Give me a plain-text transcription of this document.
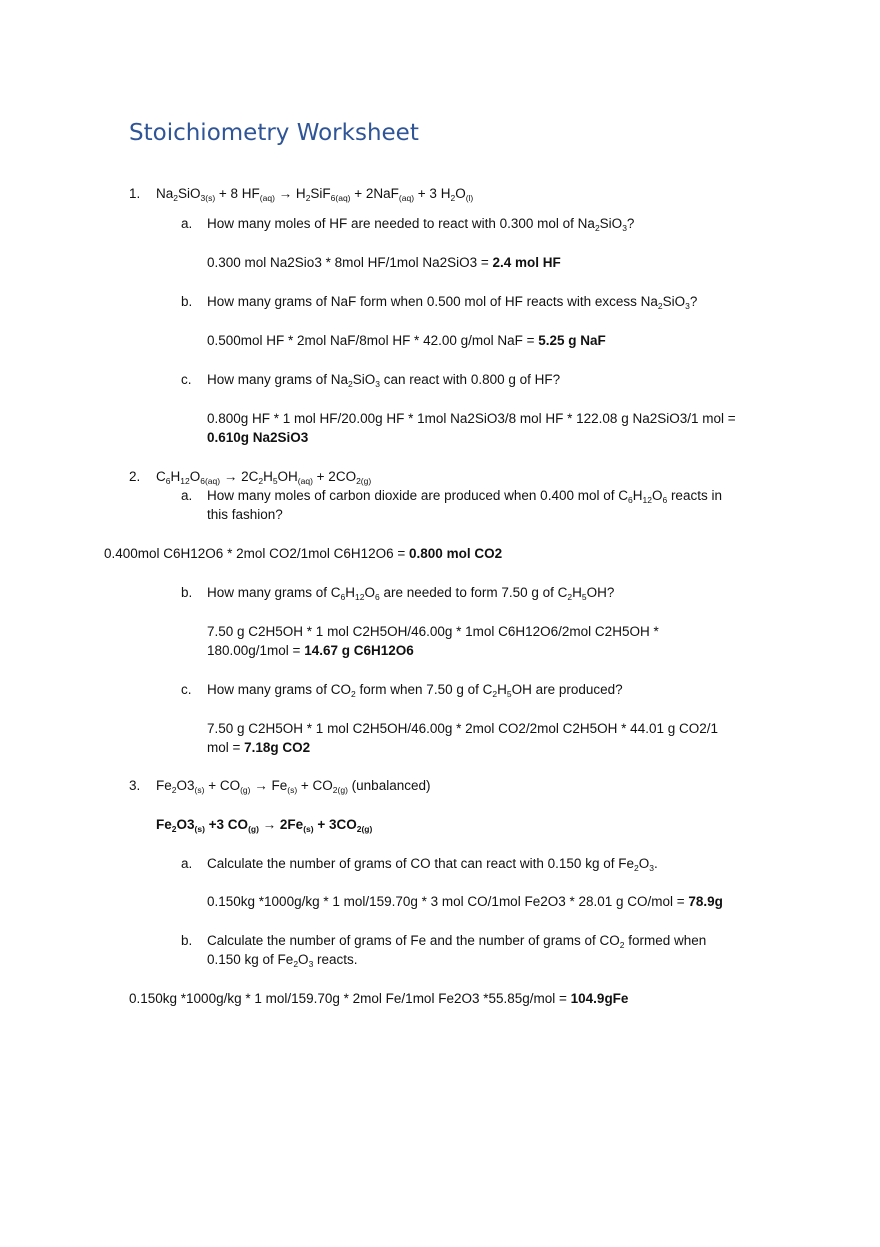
Stoichiometry Worksheet
1.	$Na_2SiO_{3(s)} + 8$ $HF_{(aq)} \to H_2SiF_{6(aq)} + 2NaF_{(aq)} + 3$ $H_2O_{(l)}$
a. How many moles of HF are needed to react with 0.300 mol of $Na_2SiO_3$?
0.300 mol Na2Sio3 * 8mol HF/1mol Na2SiO3 = 2.4 mol HF
b. How many grams of NaF form when 0.500 mol of HF reacts with excess $Na_2SiO_3$?
0.500mol HF * 2mol NaF/8mol HF * 42.00 g/mol NaF = 5.25 g NaF
c. How many grams of $Na_2SiO_3$ can react with 0.800 g of HF?
0.800g HF * 1 mol HF/20.00g HF * 1mol Na2SiO3/8 mol HF * 122.08 g Na2SiO3/1 mol =
0.610g Na2SiO3
2.	$C_6H_{12}O_{6(aq)} \to 2C_2H_5OH_{(aq)} + 2CO_{2(g)}$
a. How many moles of carbon dioxide are produced when 0.400 mol of $C_6H_{12}O_6$ reacts in
this fashion?
0.400mol C6H12O6 * 2mol CO2/1mol C6H12O6 = 0.800 mol CO2
b. How many grams of $C_6H_{12}O_6$ are needed to form 7.50 g of $C_2H_5OH$?
7.50 g C2H5OH * 1 mol C2H5OH/46.00g * 1mol C6H12O6/2mol C2H5OH *
180.00g/1mol = 14.67 g C6H12O6
c. How many grams of $CO_2$ form when 7.50 g of $C_2H_5OH$ are produced?
7.50 g C2H5OH * 1 mol C2H5OH/46.00g * 2mol CO2/2mol C2H5OH * 44.01 g CO2/1
mol = 7.18g CO2
3.	$Fe_2O3_{(s)} + CO_{(g)} \to Fe_{(s)} + CO_{2(g)}$ (unbalanced)
$Fe_2O3_{(s)} +3$ $CO_{(g)} \to 2Fe_{(s)} + 3CO_{2(g)}$
a. Calculate the number of grams of CO that can react with 0.150 kg of $Fe_2O_3$.
0.150kg *1000g/kg * 1 mol/159.70g * 3 mol CO/1mol Fe2O3 * 28.01 g CO/mol = 78.9g
b. Calculate the number of grams of Fe and the number of grams of $CO_2$ formed when
0.150 kg of $Fe_2O_3$ reacts.
0.150kg *1000g/kg * 1 mol/159.70g * 2mol Fe/1mol Fe2O3 *55.85g/mol = 104.9gFe
